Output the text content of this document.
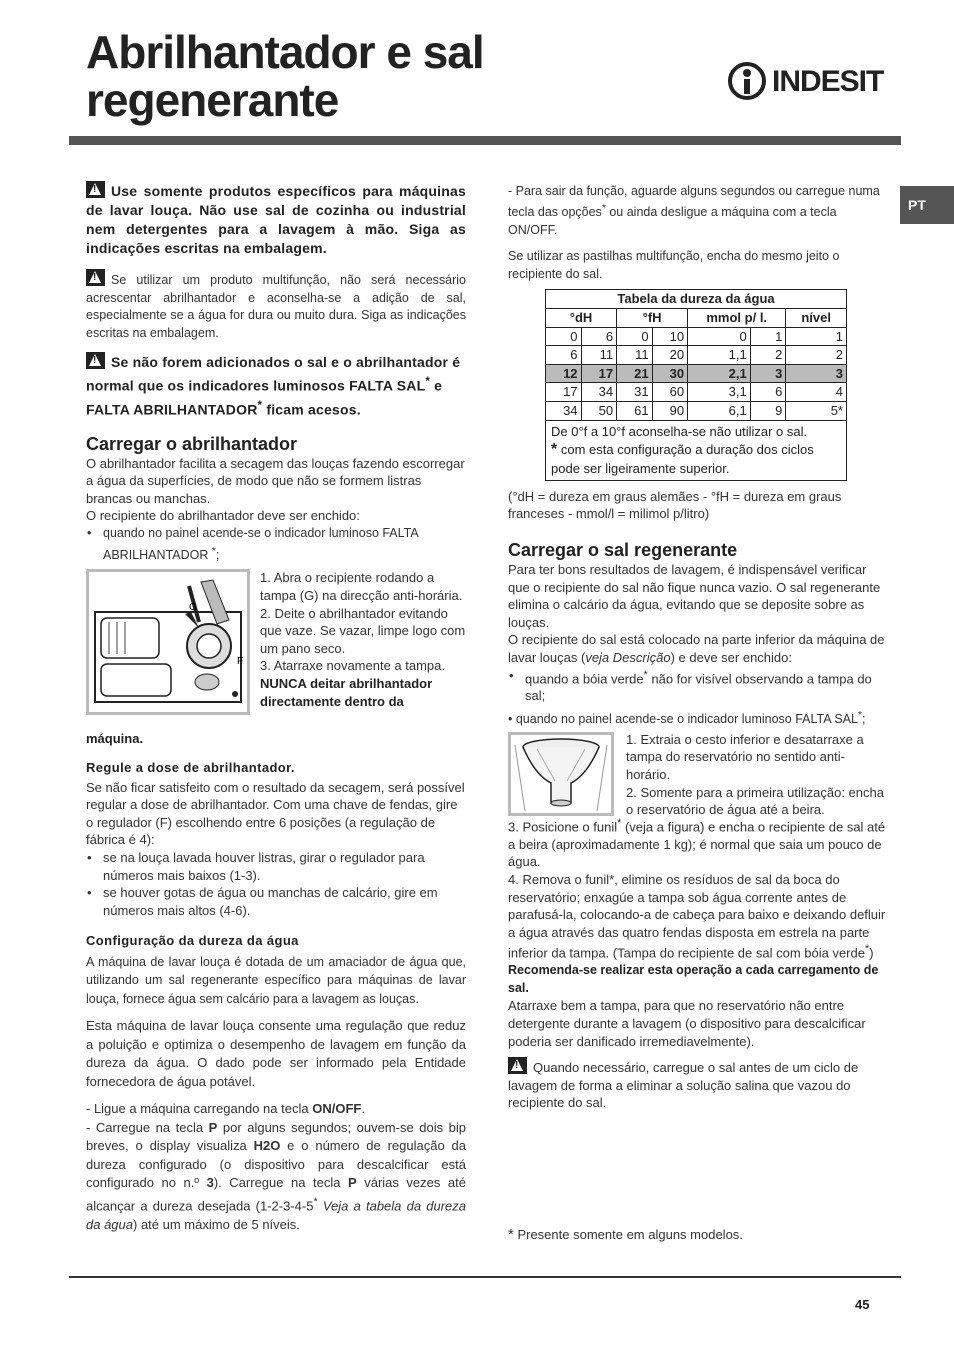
Abrilhantador e sal regenerante	INDESIT
PT
!Use somente produtos específicos para máquinas de lavar louça. Não use sal de cozinha ou industrial nem detergentes para a lavagem à mão. Siga as indicações escritas na embalagem.
!Se utilizar um produto multifunção, não será necessário acrescentar abrilhantador e aconselha-se a adição de sal, especialmente se a água for dura ou muito dura. Siga as indicações escritas na embalagem.
!Se não forem adicionados o sal e o abrilhantador é normal que os indicadores luminosos FALTA SAL* e FALTA ABRILHANTADOR* ficam acesos.
Carregar o abrilhantador
O abrilhantador facilita a secagem das louças fazendo escorregar a água da superfícies, de modo que não se formem listras brancas ou manchas.
O recipiente do abrilhantador deve ser enchido:
• quando no painel acende-se o indicador luminoso FALTA ABRILHANTADOR *;
F
G
1. Abra o recipiente rodando a tampa (G) na direcção anti-horária.
2. Deite o abrilhantador evitando que vaze. Se vazar, limpe logo com um pano seco.
3. Atarraxe novamente a tampa.
NUNCA deitar abrilhantador directamente dentro da
máquina.
Regule a dose de abrilhantador.
Se não ficar satisfeito com o resultado da secagem, será possível regular a dose de abrilhantador. Com uma chave de fendas, gire o regulador (F) escolhendo entre 6 posições (a regulação de fábrica é 4):
• se na louça lavada houver listras, girar o regulador para números mais baixos (1-3).
• se houver gotas de água ou manchas de calcário, gire em números mais altos (4-6).
Configuração da dureza da água
A máquina de lavar louça é dotada de um amaciador de água que, utilizando um sal regenerante específico para máquinas de lavar louça, fornece água sem calcário para a lavagem as louças.
Esta máquina de lavar louça consente uma regulação que reduz a poluição e optimiza o desempenho de lavagem em função da dureza da água. O dado pode ser informado pela Entidade fornecedora de água potável.
- Ligue a máquina carregando na tecla ON/OFF.
- Carregue na tecla P por alguns segundos; ouvem-se dois bip breves, o display visualiza H2O e o número de regulação da dureza configurado (o dispositivo para descalcificar está configurado no n.º 3). Carregue na tecla P várias vezes até alcançar a dureza desejada (1-2-3-4-5* Veja a tabela da dureza da água) até um máximo de 5 níveis.
- Para sair da função, aguarde alguns segundos ou carregue numa tecla das opções* ou ainda desligue a máquina com a tecla ON/OFF.
Se utilizar as pastilhas multifunção, encha do mesmo jeito o recipiente do sal.
Tabela da dureza da água						
°dH		°fH		mmol p/ l.		nível
0	6	0	10	0	1	1
6	11	11	20	1,1	2	2
12	17	21	30	2,1	3	3
17	34	31	60	3,1	6	4
34	50	61	90	6,1	9	5*

De 0°f a 10°f aconselha-se não utilizar o sal.
* com esta configuração a duração dos ciclos pode ser ligeiramente superior.						
(°dH = dureza em graus alemães - °fH = dureza em graus franceses - mmol/l = milimol p/litro)
Carregar o sal regenerante
Para ter bons resultados de lavagem, é indispensável verificar que o recipiente do sal não fique nunca vazio. O sal regenerante elimina o calcário da água, evitando que se deposite sobre as louças.
O recipiente do sal está colocado na parte inferior da máquina de lavar louças (veja Descrição) e deve ser enchido:
• quando a bóia verde* não for visível observando a tampa do sal;
• quando no painel acende-se o indicador luminoso FALTA SAL*;
1. Extraia o cesto inferior e desatarraxe a tampa do reservatório no sentido anti-horário.
2. Somente para a primeira utilização: encha o reservatório de água até a beira.
3. Posicione o funil* (veja a figura) e encha o recipiente de sal até a beira (aproximadamente 1 kg); é normal que saia um pouco de água.
4. Remova o funil*, elimine os resíduos de sal da boca do reservatório; enxagúe a tampa sob água corrente antes de parafusá-la, colocando-a de cabeça para baixo e deixando defluir a água através das quatro fendas disposta em estrela na parte inferior da tampa. (Tampa do recipiente de sal com bóia verde*)
Recomenda-se realizar esta operação a cada carregamento de sal.
Atarraxe bem a tampa, para que no reservatório não entre detergente durante a lavagem (o dispositivo para descalcificar poderia ser danificado irremediavelmente).
!Quando necessário, carregue o sal antes de um ciclo de lavagem de forma a eliminar a solução salina que vazou do recipiente do sal.
* Presente somente em alguns modelos.
45
